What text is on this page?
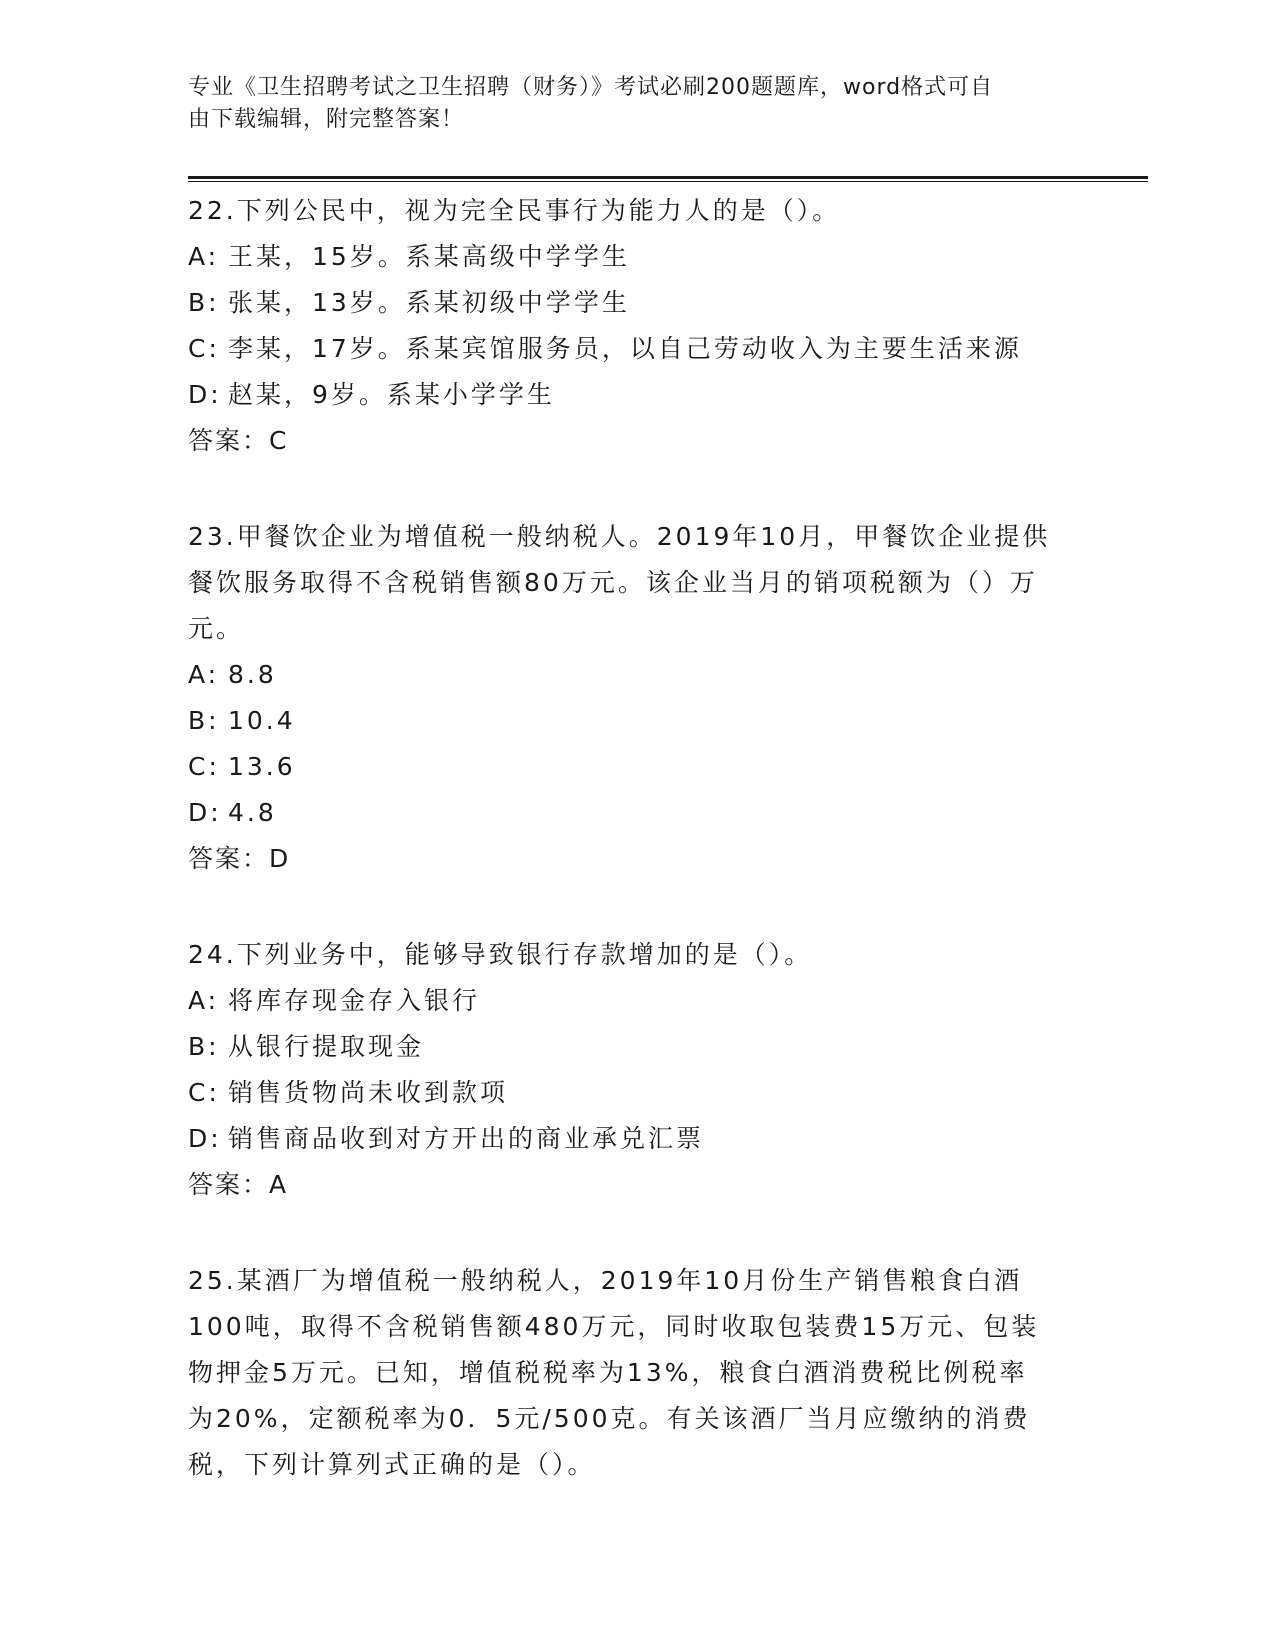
专业《卫生招聘考试之卫生招聘（财务）》考试必刷200题题库，word格式可自
由下载编辑，附完整答案！

22.下列公民中，视为完全民事行为能力人的是（）。

A: 王某，15岁。系某高级中学学生

B: 张某，13岁。系某初级中学学生

C: 李某，17岁。系某宾馆服务员，以自己劳动收入为主要生活来源

D: 赵某，9岁。系某小学学生

答案：C

23.甲餐饮企业为增值税一般纳税人。2019年10月，甲餐饮企业提供

餐饮服务取得不含税销售额80万元。该企业当月的销项税额为（）万

元。

A: 8.8

B: 10.4

C: 13.6

D: 4.8

答案：D

24.下列业务中，能够导致银行存款增加的是（）。

A: 将库存现金存入银行

B: 从银行提取现金

C: 销售货物尚未收到款项

D: 销售商品收到对方开出的商业承兑汇票

答案：A

25.某酒厂为增值税一般纳税人，2019年10月份生产销售粮食白酒

100吨，取得不含税销售额480万元，同时收取包装费15万元、包装

物押金5万元。已知，增值税税率为13%，粮食白酒消费税比例税率

为20%，定额税率为0．5元/500克。有关该酒厂当月应缴纳的消费

税，下列计算列式正确的是（）。
